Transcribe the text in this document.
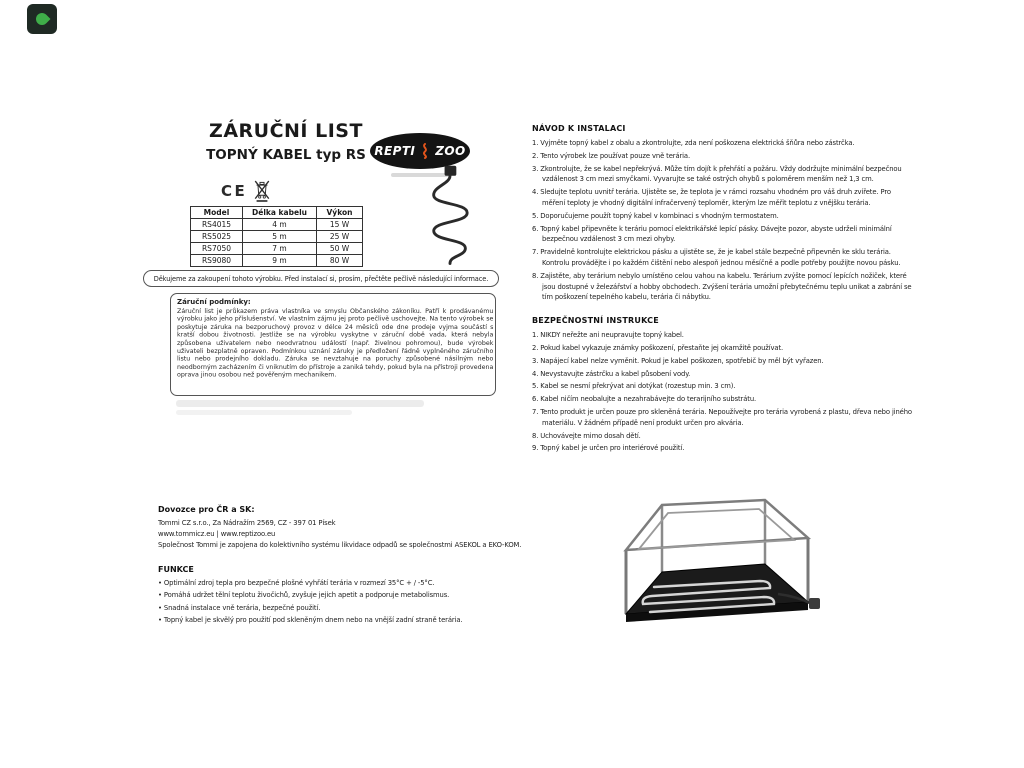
ZÁRUČNÍ LIST
TOPNÝ KABEL typ RS REPTI ZOO
CE
Model	Délka kabelu	Výkon
RS4015	4 m	15 W
RS5025	5 m	25 W
RS7050	7 m	50 W
RS9080	9 m	80 W
Děkujeme za zakoupení tohoto výrobku. Před instalací si, prosím, přečtěte pečlivě následující informace.
Záruční podmínky:
Záruční list je průkazem práva vlastníka ve smyslu Občanského zákoníku. Patří k prodávanému výrobku jako jeho příslušenství. Ve vlastním zájmu jej proto pečlivě uschovejte. Na tento výrobek se poskytuje záruka na bezporuchový provoz v délce 24 měsíců ode dne prodeje vyjma součástí s kratší dobou životnosti. Jestliže se na výrobku vyskytne v záruční době vada, která nebyla způsobena uživatelem nebo neodvratnou událostí (např. živelnou pohromou), bude výrobek uživateli bezplatně opraven. Podmínkou uznání záruky je předložení řádně vyplněného záručního listu nebo prodejního dokladu. Záruka se nevztahuje na poruchy způsobené násilným nebo neodborným zacházením či vniknutím do přístroje a zaniká tehdy, pokud byla na přístroji provedena oprava jinou osobou než pověřeným mechanikem.
Dovozce pro ČR a SK:
Tommi CZ s.r.o., Za Nádražím 2569, CZ - 397 01 Písek
www.tommicz.eu | www.reptizoo.eu
Společnost Tommi je zapojena do kolektivního systému likvidace odpadů se společnostmi ASEKOL a EKO-KOM.
FUNKCE
• Optimální zdroj tepla pro bezpečné plošné vyhřátí terária v rozmezí 35°C + / -5°C.
• Pomáhá udržet tělní teplotu živočichů, zvyšuje jejich apetit a podporuje metabolismus.
• Snadná instalace vně terária, bezpečné použití.
• Topný kabel je skvělý pro použití pod skleněným dnem nebo na vnější zadní straně terária.
NÁVOD K INSTALACI
1. Vyjměte topný kabel z obalu a zkontrolujte, zda není poškozena elektrická šňůra nebo zástrčka.
2. Tento výrobek lze používat pouze vně terária.
3. Zkontrolujte, že se kabel nepřekrývá. Může tím dojít k přehřátí a požáru. Vždy dodržujte minimální bezpečnou vzdálenost 3 cm mezi smyčkami. Vyvarujte se také ostrých ohybů s poloměrem menším než 1,3 cm.
4. Sledujte teplotu uvnitř terária. Ujistěte se, že teplota je v rámci rozsahu vhodném pro váš druh zvířete. Pro měření teploty je vhodný digitální infračervený teploměr, kterým lze měřit teplotu z vnějšku terária.
5. Doporučujeme použít topný kabel v kombinaci s vhodným termostatem.
6. Topný kabel připevněte k teráriu pomocí elektrikářské lepící pásky. Dávejte pozor, abyste udrželi minimální bezpečnou vzdálenost 3 cm mezi ohyby.
7. Pravidelně kontrolujte elektrickou pásku a ujistěte se, že je kabel stále bezpečně připevněn ke sklu terária. Kontrolu provádějte i po každém čištění nebo alespoň jednou měsíčně a podle potřeby použijte novou pásku.
8. Zajistěte, aby terárium nebylo umístěno celou vahou na kabelu. Terárium zvýšte pomocí lepících nožiček, které jsou dostupné v železářství a hobby obchodech. Zvýšení terária umožní přebytečnému teplu unikat a zabrání se tím poškození tepelného kabelu, terária či nábytku.
BEZPEČNOSTNÍ INSTRUKCE
1. NIKDY neřežte ani neupravujte topný kabel.
2. Pokud kabel vykazuje známky poškození, přestaňte jej okamžitě používat.
3. Napájecí kabel nelze vyměnit. Pokud je kabel poškozen, spotřebič by měl být vyřazen.
4. Nevystavujte zástrčku a kabel působení vody.
5. Kabel se nesmí překrývat ani dotýkat (rozestup min. 3 cm).
6. Kabel ničím neobalujte a nezahrabávejte do terarijního substrátu.
7. Tento produkt je určen pouze pro skleněná terária. Nepoužívejte pro terária vyrobená z plastu, dřeva nebo jiného materiálu. V žádném případě není produkt určen pro akvária.
8. Uchovávejte mimo dosah dětí.
9. Topný kabel je určen pro interiérové použití.
